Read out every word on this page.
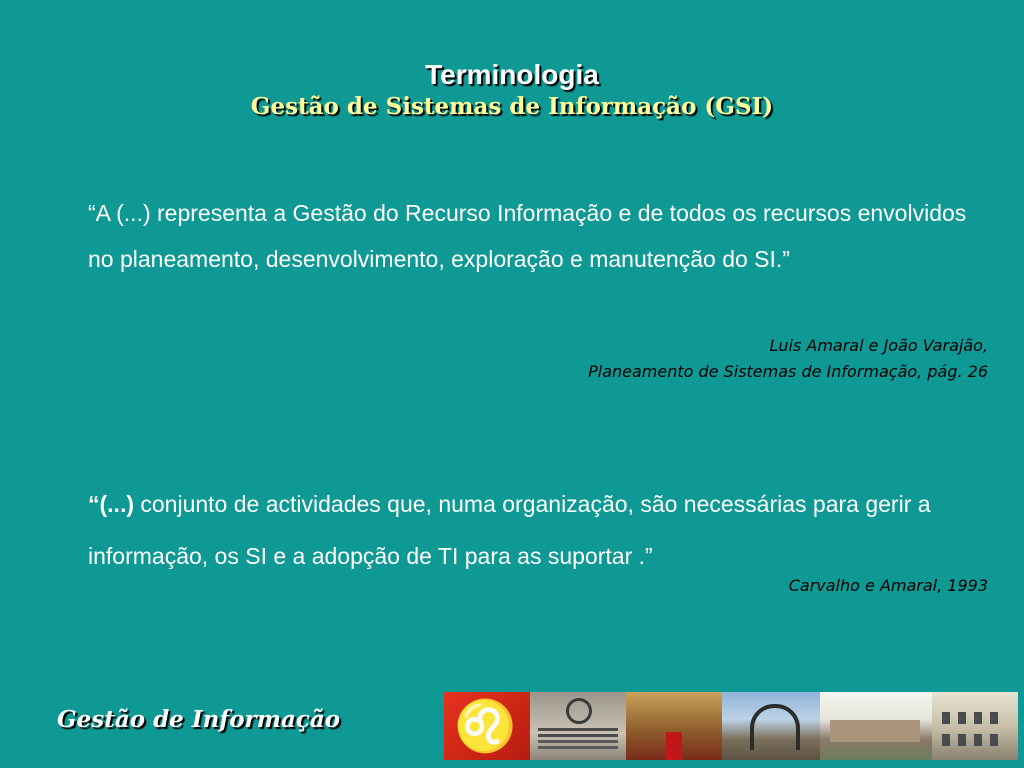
Terminologia
Gestão de Sistemas de Informação (GSI)
“A (...) representa a Gestão do Recurso Informação e de todos os recursos envolvidos no planeamento, desenvolvimento, exploração e manutenção do SI.”
Luis Amaral e João Varajão,
Planeamento de Sistemas de Informação, pág. 26
“(...) conjunto de actividades que, numa organização, são necessárias para gerir a informação, os SI e a adopção de TI para as suportar .”
Carvalho e Amaral, 1993
Gestão de Informação ♌
